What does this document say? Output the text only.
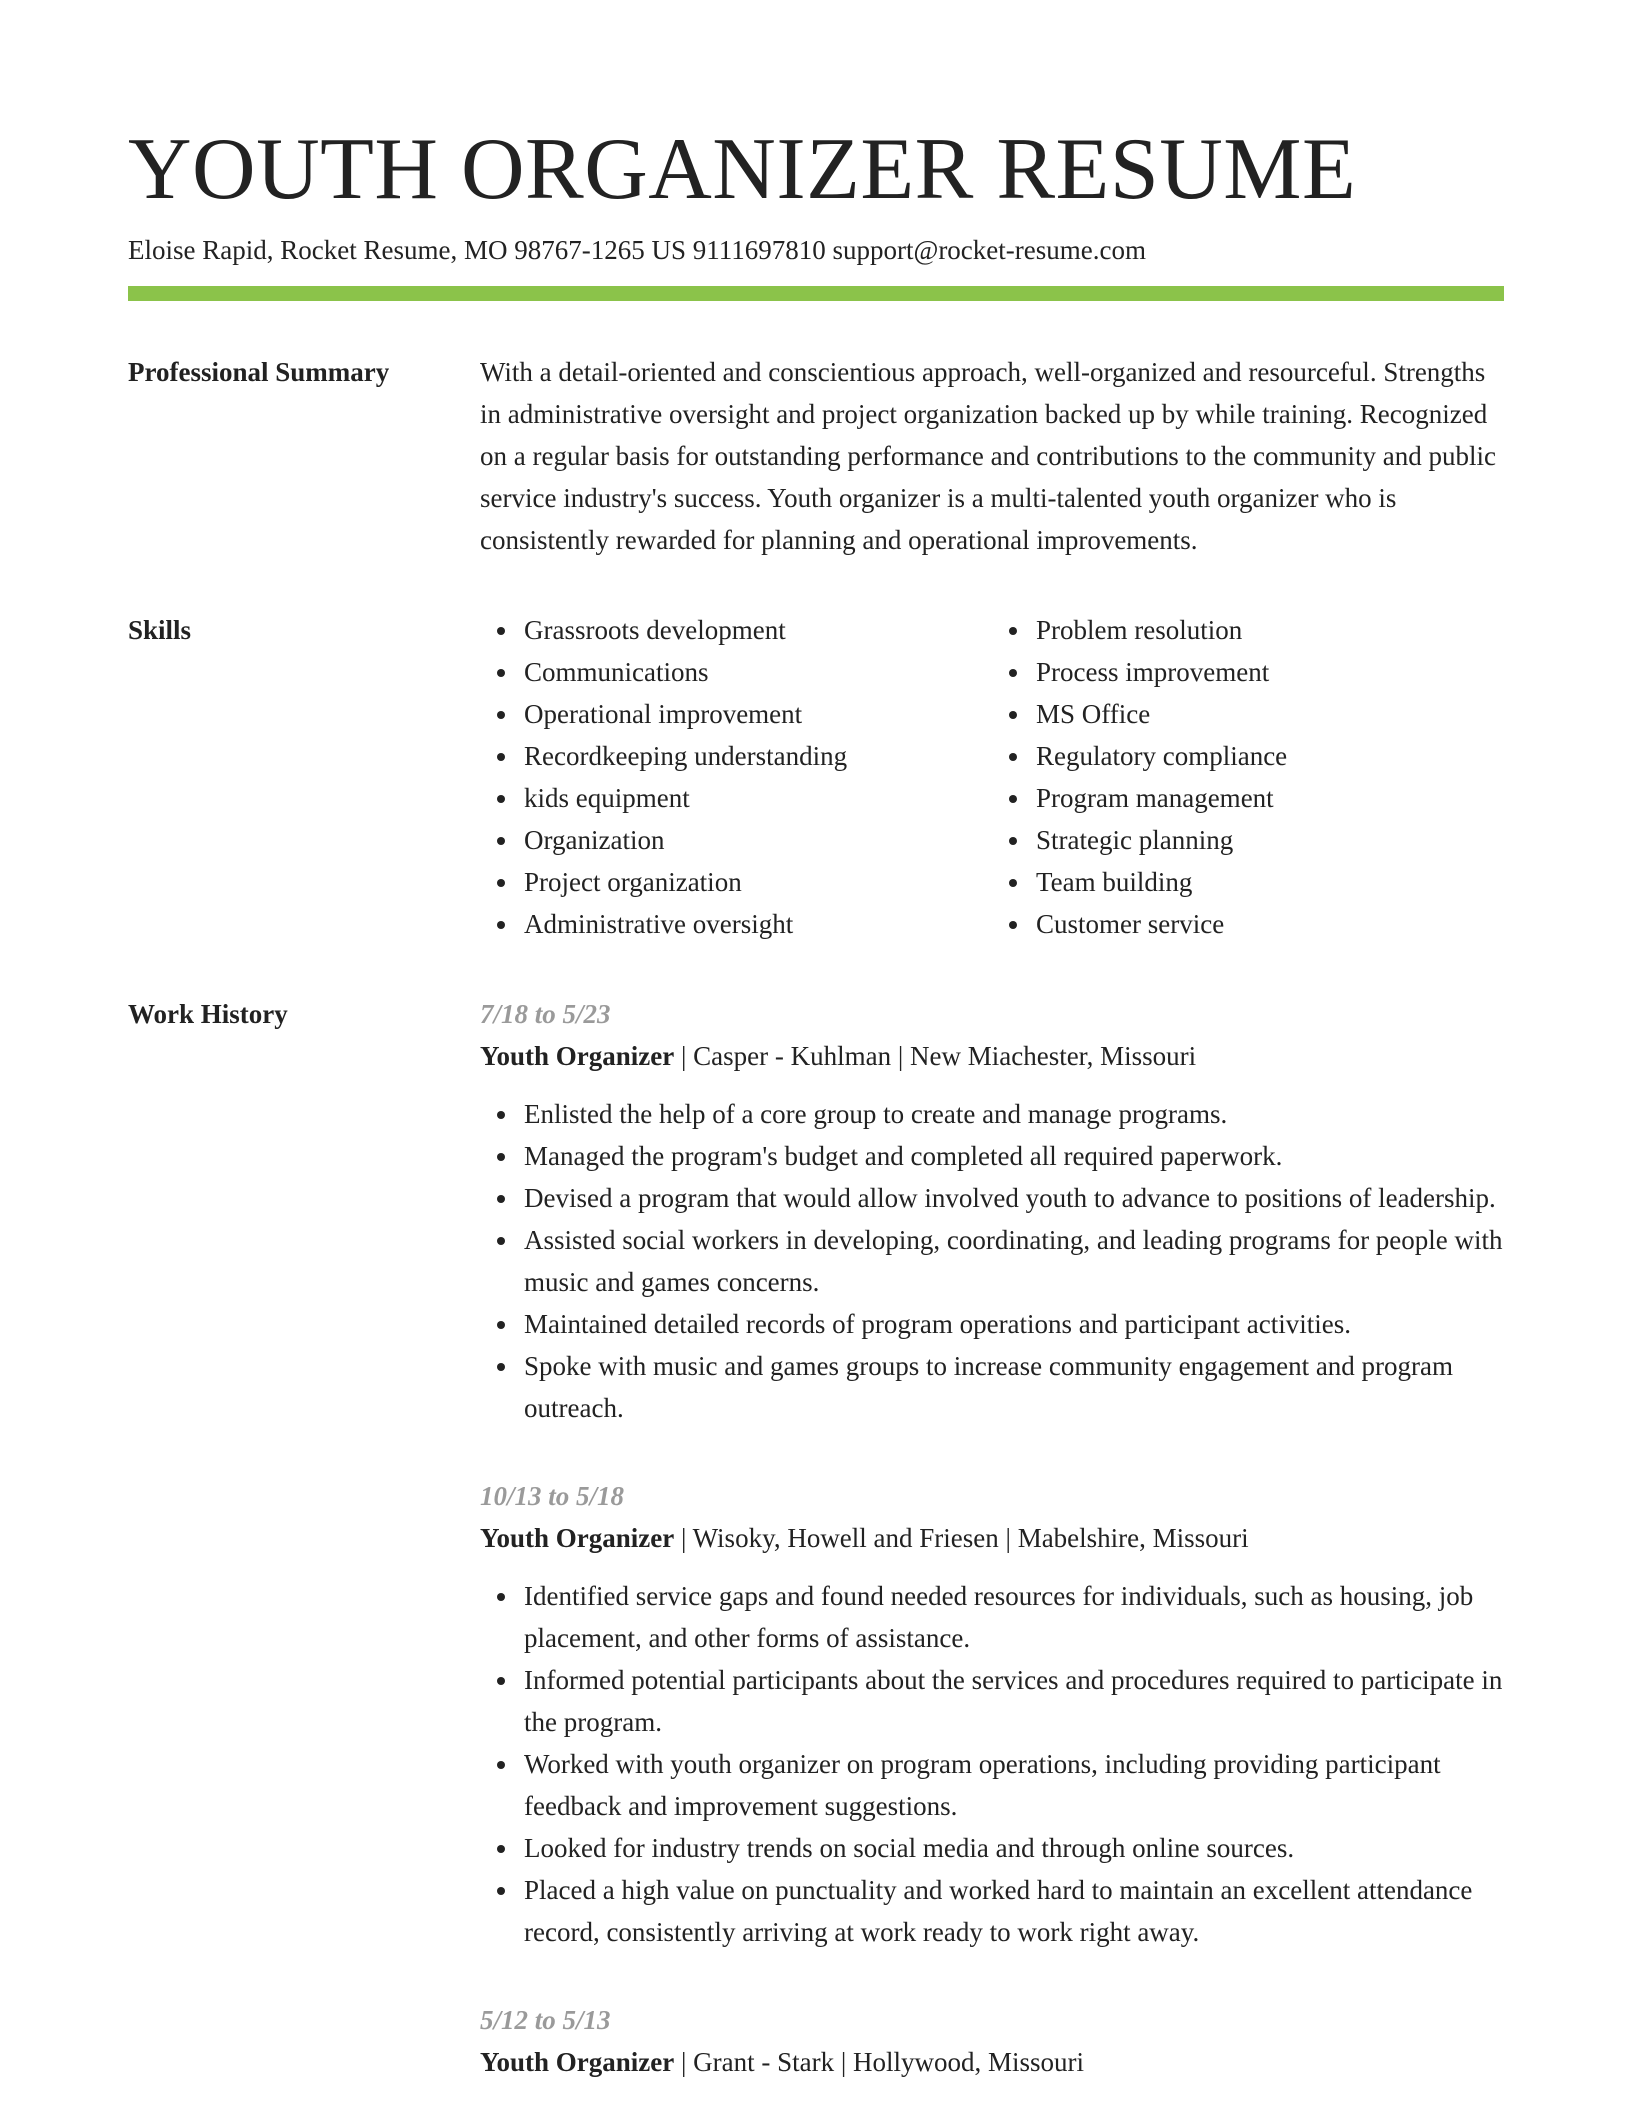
YOUTH ORGANIZER RESUME
Eloise Rapid, Rocket Resume, MO 98767-1265 US 9111697810 support@rocket-resume.com
Professional Summary	With a detail-oriented and conscientious approach, well-organized and resourceful. Strengths in administrative oversight and project organization backed up by while training. Recognized on a regular basis for outstanding performance and contributions to the community and public service industry's success. Youth organizer is a multi-talented youth organizer who is consistently rewarded for planning and operational improvements.

Skills	Grassroots development
Communications
Operational improvement
Recordkeeping understanding
kids equipment
Organization
Project organization
Administrative oversight
Problem resolution
Process improvement
MS Office
Regulatory compliance
Program management
Strategic planning
Team building
Customer service
Work History	7/18 to 5/23
Youth Organizer | Casper - Kuhlman | New Miachester, Missouri
Enlisted the help of a core group to create and manage programs.
Managed the program's budget and completed all required paperwork.
Devised a program that would allow involved youth to advance to positions of leadership.
Assisted social workers in developing, coordinating, and leading programs for people with music and games concerns.
Maintained detailed records of program operations and participant activities.
Spoke with music and games groups to increase community engagement and program outreach.
10/13 to 5/18
Youth Organizer | Wisoky, Howell and Friesen | Mabelshire, Missouri
Identified service gaps and found needed resources for individuals, such as housing, job placement, and other forms of assistance.
Informed potential participants about the services and procedures required to participate in the program.
Worked with youth organizer on program operations, including providing participant feedback and improvement suggestions.
Looked for industry trends on social media and through online sources.
Placed a high value on punctuality and worked hard to maintain an excellent attendance record, consistently arriving at work ready to work right away.
5/12 to 5/13
Youth Organizer | Grant - Stark | Hollywood, Missouri
